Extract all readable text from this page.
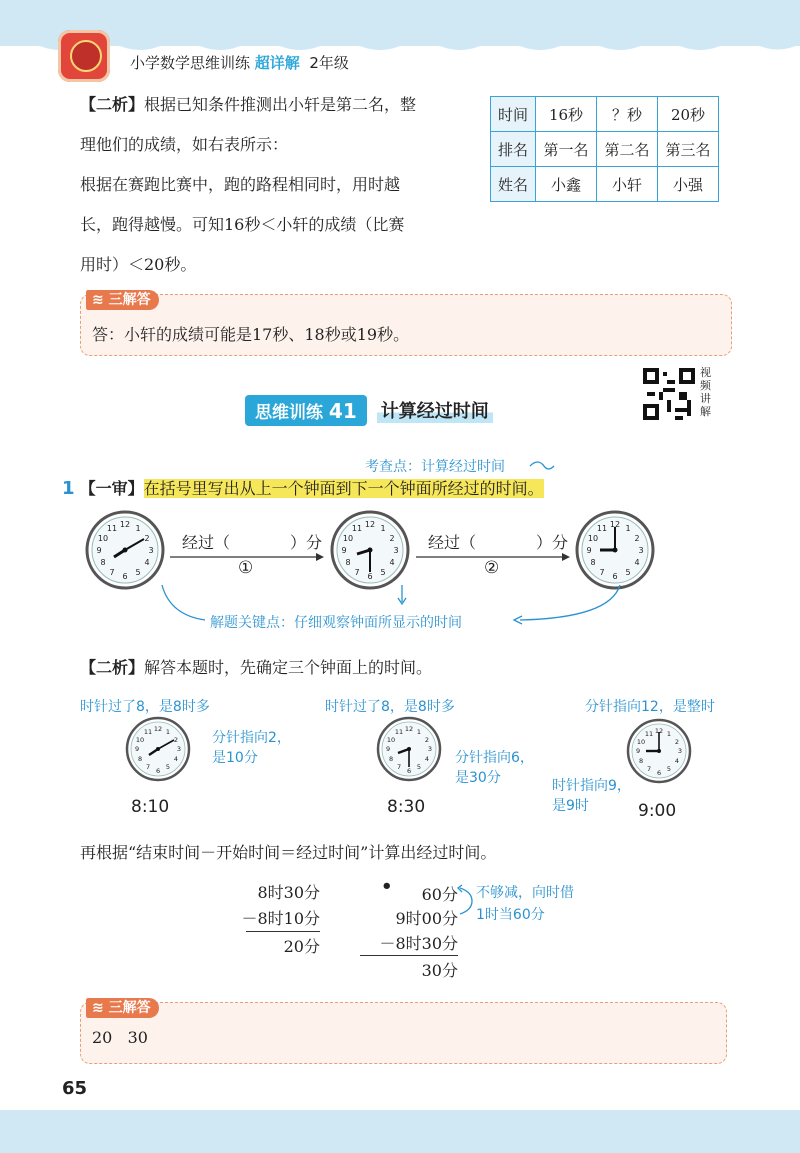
小学数学思维训练 超详解 2年级
【二析】根据已知条件推测出小轩是第二名，整
理他们的成绩，如右表所示：
根据在赛跑比赛中，跑的路程相同时，用时越
长，跑得越慢。可知16秒＜小轩的成绩（比赛
用时）＜20秒。
时间	16秒	？秒	20秒
排名	第一名	第二名	第三名
姓名	小鑫	小轩	小强
≋ 三解答
答：小轩的成绩可能是17秒、18秒或19秒。
视
频
讲
解
思维训练 41	计算经过时间
考查点：计算经过时间
1 【一审】在括号里写出从上一个钟面到下一个钟面所经过的时间。
12 1
2
3
4
5
6
7
8
9
10
11	12 1
2
3
4
5
6
7
8
9
10
11	12 1
2
3
4
5
6
7
8
9
10
11
经过（	）分
①
经过（	）分
②
解题关键点：仔细观察钟面所显示的时间
【二析】解答本题时，先确定三个钟面上的时间。
时针过了8，是8时多
12 1
2
3
4
5
6
7
8
9
10
11	分针指向2，
是10分
8:10
时针过了8，是8时多
12 1
2
3
4
5
6
7
8
9
10
11
分针指向6，
是30分
8:30
分针指向12，是整时
12 1
2
3
4
5
6
7
8
9
10
11
时针指向9，
是9时	9:00
再根据“结束时间－开始时间＝经过时间”计算出经过时间。
8时30分
－8时10分
20分
•	60分
9时00分
－8时30分
30分
不够减，向时借
1时当60分
≋ 三解答
20 30
65
